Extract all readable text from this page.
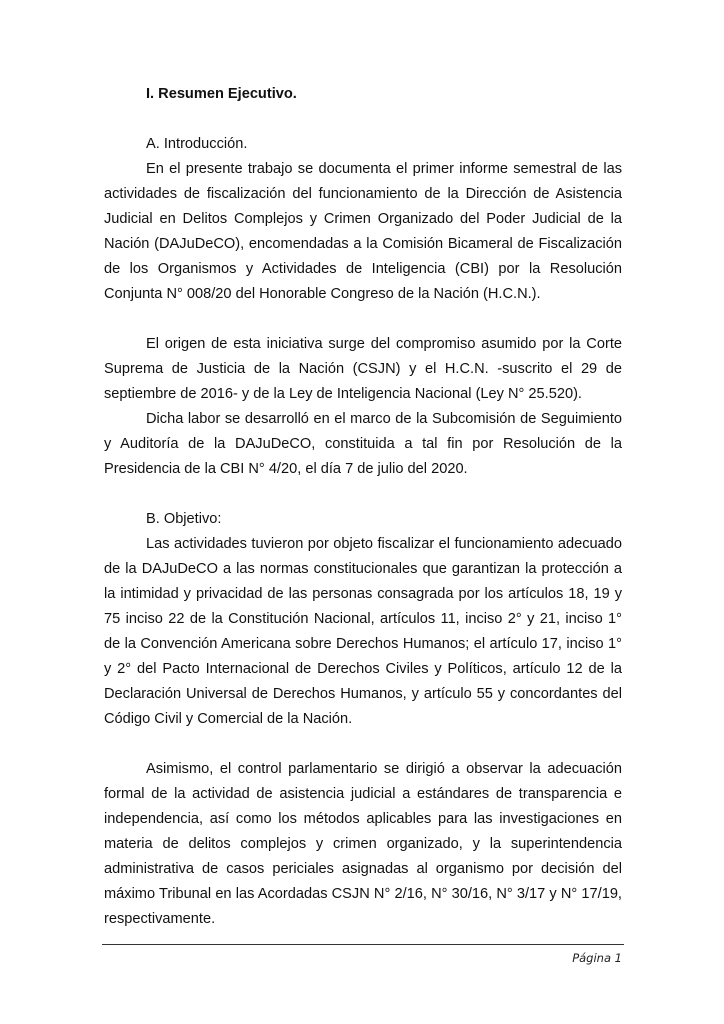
I. Resumen Ejecutivo.
A. Introducción.

En el presente trabajo se documenta el primer informe semestral de las actividades de fiscalización del funcionamiento de la Dirección de Asistencia Judicial en Delitos Complejos y Crimen Organizado del Poder Judicial de la Nación (DAJuDeCO), encomendadas a la Comisión Bicameral de Fiscalización de los Organismos y Actividades de Inteligencia (CBI) por la Resolución Conjunta N° 008/20 del Honorable Congreso de la Nación (H.C.N.).

El origen de esta iniciativa surge del compromiso asumido por la Corte Suprema de Justicia de la Nación (CSJN) y el H.C.N. -suscrito el 29 de septiembre de 2016- y de la Ley de Inteligencia Nacional (Ley N° 25.520).

Dicha labor se desarrolló en el marco de la Subcomisión de Seguimiento y Auditoría de la DAJuDeCO, constituida a tal fin por Resolución de la Presidencia de la CBI N° 4/20, el día 7 de julio del 2020.

B. Objetivo:

Las actividades tuvieron por objeto fiscalizar el funcionamiento adecuado de la DAJuDeCO a las normas constitucionales que garantizan la protección a la intimidad y privacidad de las personas consagrada por los artículos 18, 19 y 75 inciso 22 de la Constitución Nacional, artículos 11, inciso 2° y 21, inciso 1° de la Convención Americana sobre Derechos Humanos; el artículo 17, inciso 1° y 2° del Pacto Internacional de Derechos Civiles y Políticos, artículo 12 de la Declaración Universal de Derechos Humanos, y artículo 55 y concordantes del Código Civil y Comercial de la Nación.

Asimismo, el control parlamentario se dirigió a observar la adecuación formal de la actividad de asistencia judicial a estándares de transparencia e independencia, así como los métodos aplicables para las investigaciones en materia de delitos complejos y crimen organizado, y la superintendencia administrativa de casos periciales asignadas al organismo por decisión del máximo Tribunal en las Acordadas CSJN N° 2/16, N° 30/16, N° 3/17 y N° 17/19, respectivamente.

Página 1
